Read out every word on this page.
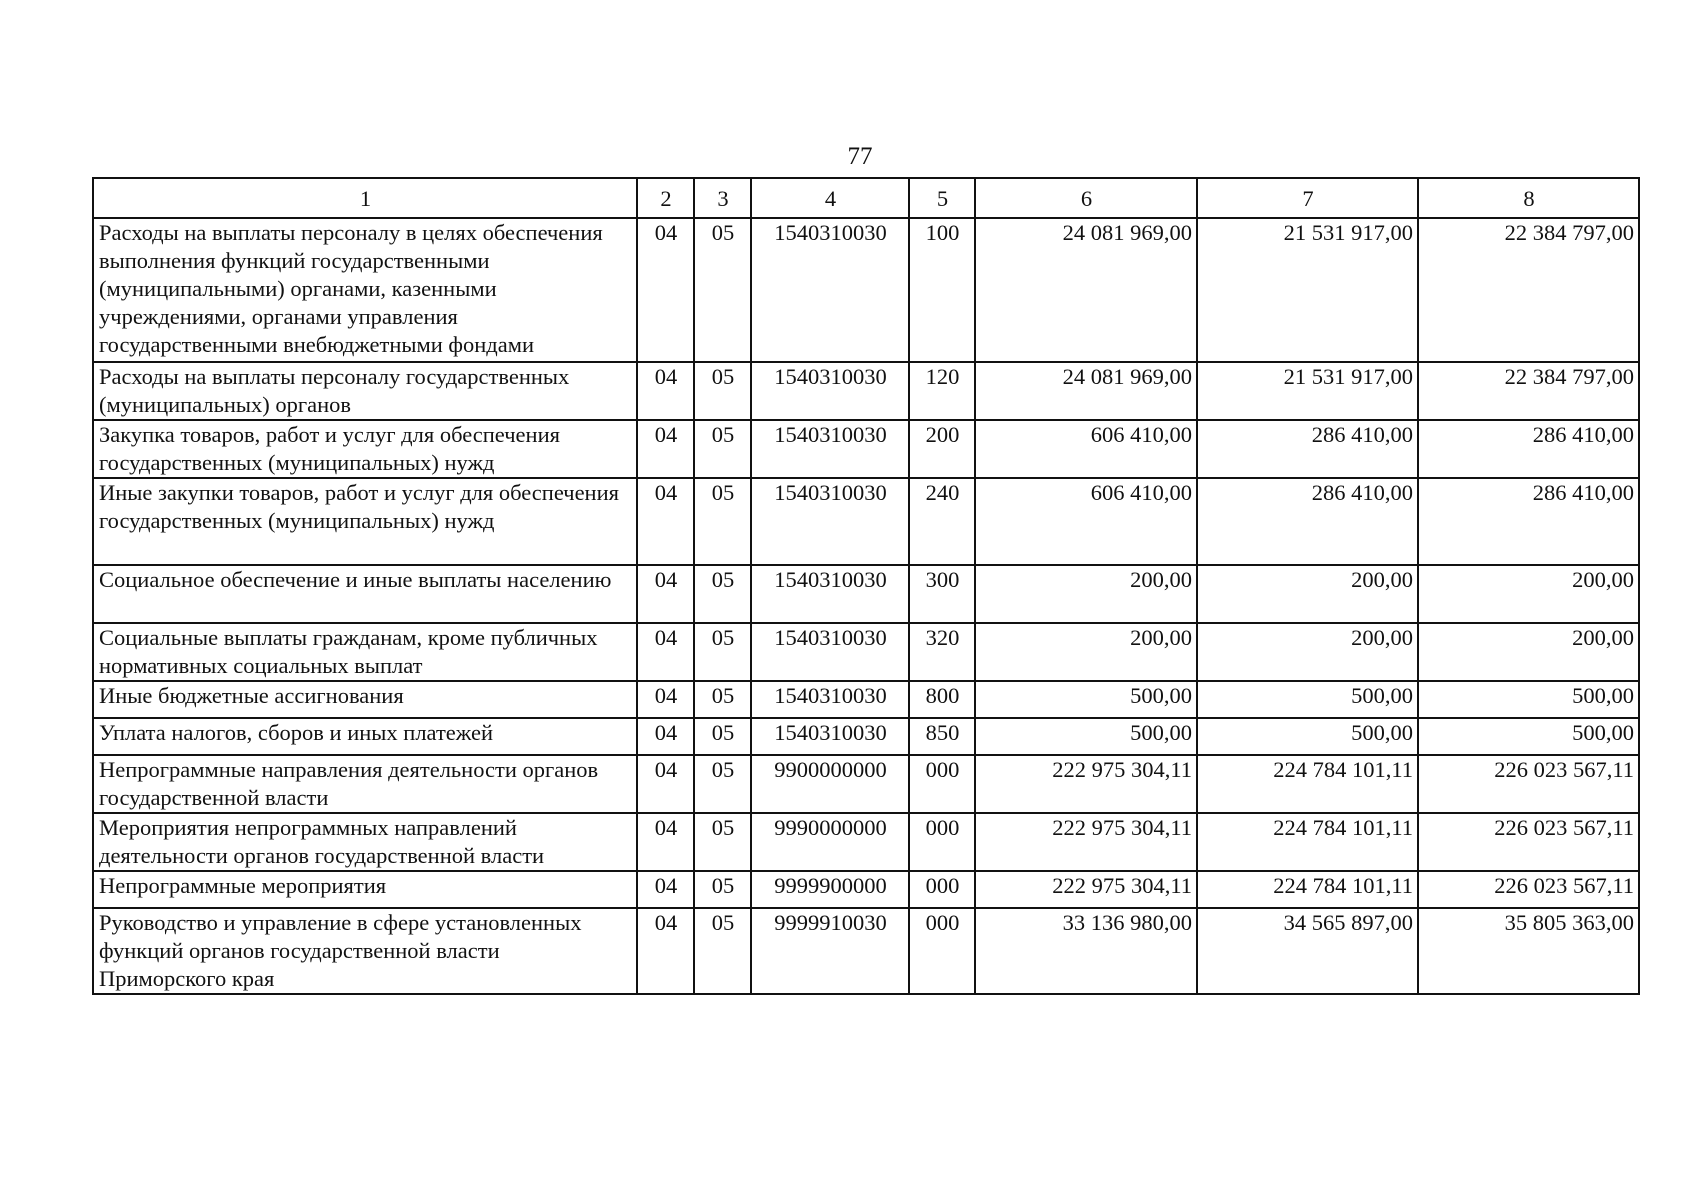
77
1	2	3	4	5	6	7	8
Расходы на выплаты персоналу в целях обеспечения выполнения функций государственными (муниципальными) органами, казенными учреждениями, органами управления государственными внебюджетными фондами	04	05	1540310030	100	24 081 969,00	21 531 917,00	22 384 797,00
Расходы на выплаты персоналу государственных (муниципальных) органов	04	05	1540310030	120	24 081 969,00	21 531 917,00	22 384 797,00
Закупка товаров, работ и услуг для обеспечения государственных (муниципальных) нужд	04	05	1540310030	200	606 410,00	286 410,00	286 410,00
Иные закупки товаров, работ и услуг для обеспечения государственных (муниципальных) нужд	04	05	1540310030	240	606 410,00	286 410,00	286 410,00
Социальное обеспечение и иные выплаты населению	04	05	1540310030	300	200,00	200,00	200,00
Социальные выплаты гражданам, кроме публичных нормативных социальных выплат	04	05	1540310030	320	200,00	200,00	200,00
Иные бюджетные ассигнования	04	05	1540310030	800	500,00	500,00	500,00
Уплата налогов, сборов и иных платежей	04	05	1540310030	850	500,00	500,00	500,00
Непрограммные направления деятельности органов государственной власти	04	05	9900000000	000	222 975 304,11	224 784 101,11	226 023 567,11
Мероприятия непрограммных направлений деятельности органов государственной власти	04	05	9990000000	000	222 975 304,11	224 784 101,11	226 023 567,11
Непрограммные мероприятия	04	05	9999900000	000	222 975 304,11	224 784 101,11	226 023 567,11
Руководство и управление в сфере установленных функций органов государственной власти Приморского края	04	05	9999910030	000	33 136 980,00	34 565 897,00	35 805 363,00
